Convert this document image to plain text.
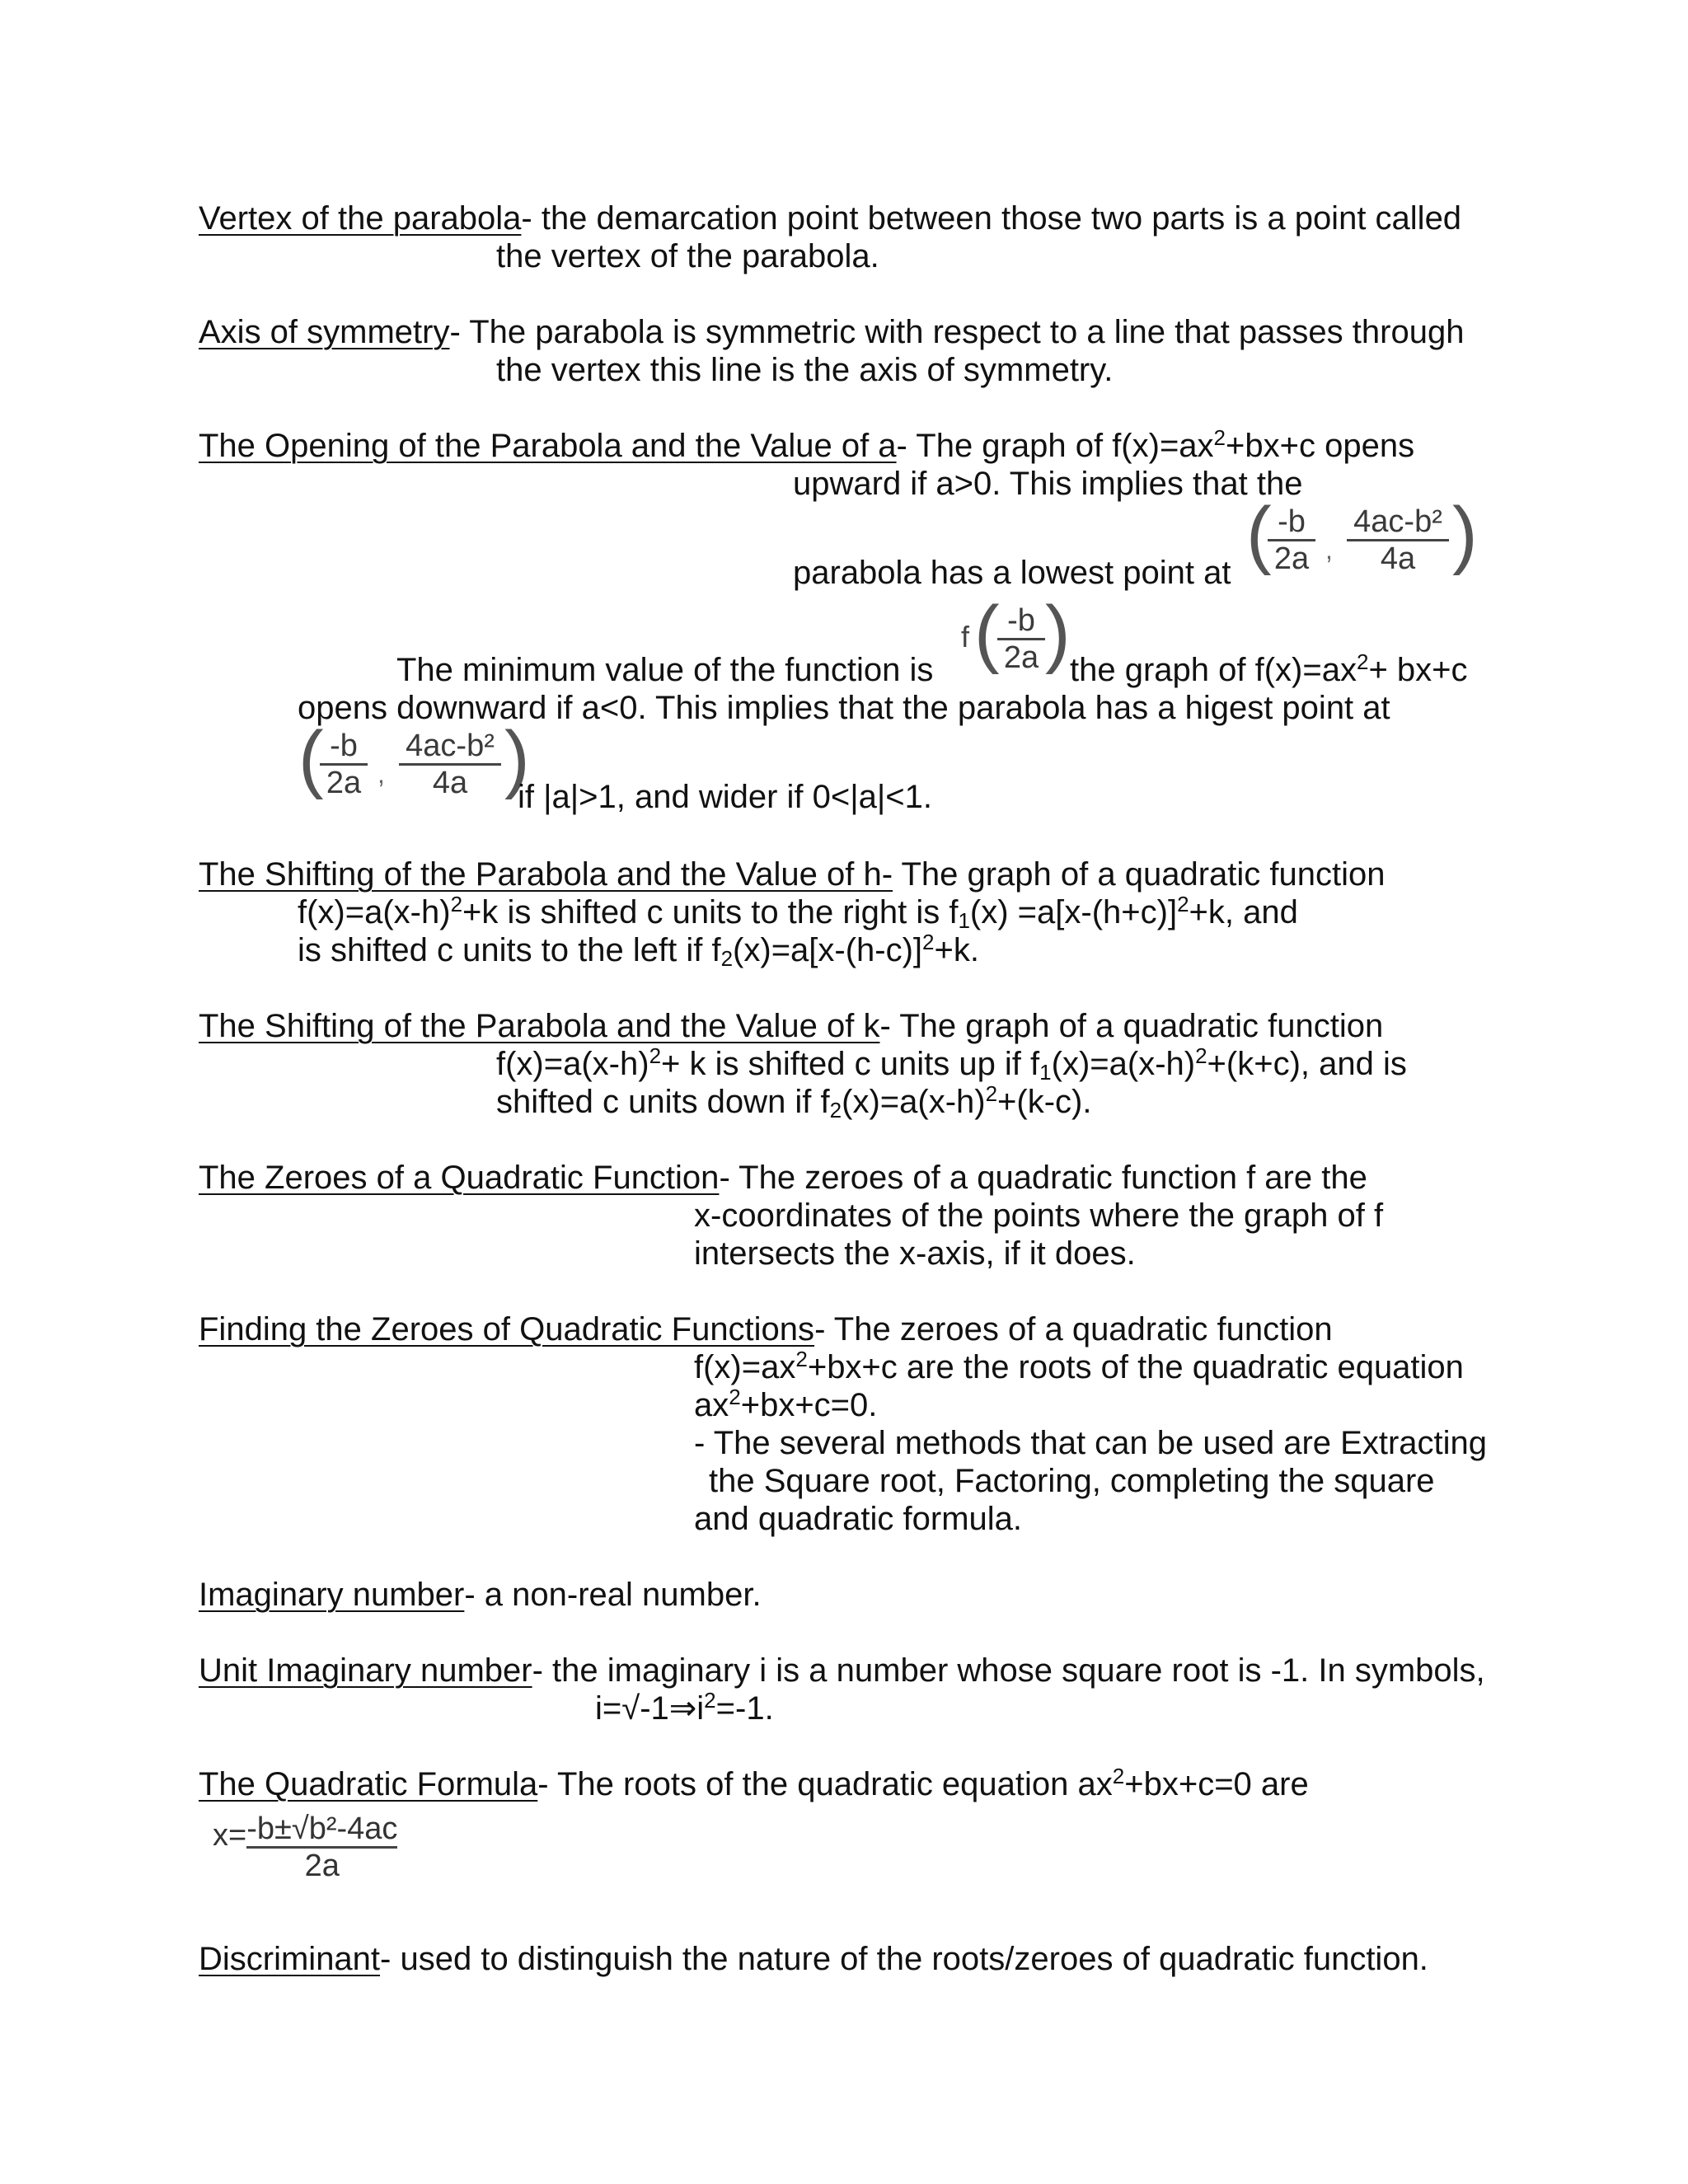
Vertex of the parabola- the demarcation point between those two parts is a point called
the vertex of the parabola.
Axis of symmetry- The parabola is symmetric with respect to a line that passes through
the vertex this line is the axis of symmetry.
The Opening of the Parabola and the Value of a- The graph of $f(x)=ax^2+bx+c$ opens
upward if a>0. This implies that the
(
$\frac{-b}{2a}$ , $\frac{\text{4ac-b²}}{4a}$ )
parabola has a lowest point at
f (
$\frac{-b}{2a}$ )
The minimum value of the function is	the graph of $f(x)=ax^2+ bx+c$
opens downward if a<0. This implies that the parabola has a higest point at
(
$\frac{-b}{2a}$ , $\frac{\text{4ac-b²}}{4a}$ )
if |a|>1, and wider if 0<|a|<1.
The Shifting of the Parabola and the Value of h- The graph of a quadratic function
$f(x)=a(x-h)^2+k$ is shifted c units to the right is $f_1(x) =a[x-(h+c)]^2+k$, and
is shifted c units to the left if $f_2(x)=a[x-(h-c)]^2+k$.
The Shifting of the Parabola and the Value of k- The graph of a quadratic function
$f(x)=a(x-h)^2+ k$ is shifted c units up if $f_1(x)=a(x-h)^2+(k+c)$, and is
shifted c units down if $f_2(x)=a(x-h)^2+(k-c)$.
The Zeroes of a Quadratic Function- The zeroes of a quadratic function f are the
x-coordinates of the points where the graph of f
intersects the x-axis, if it does.
Finding the Zeroes of Quadratic Functions- The zeroes of a quadratic function
$f(x)=ax^2+bx+c$ are the roots of the quadratic equation
$ax^2+bx+c=0$.
- The several methods that can be used are Extracting
the Square root, Factoring, completing the square
and quadratic formula.
Imaginary number- a non-real number.
Unit Imaginary number- the imaginary i is a number whose square root is -1. In symbols,
$i=√-1\Rightarrow i^2=-1$.
The Quadratic Formula- The roots of the quadratic equation $ax^2+bx+c=0$ are
$x=\frac{\text{-b±√b²-4ac}}{2a}$
Discriminant- used to distinguish the nature of the roots/zeroes of quadratic function.
